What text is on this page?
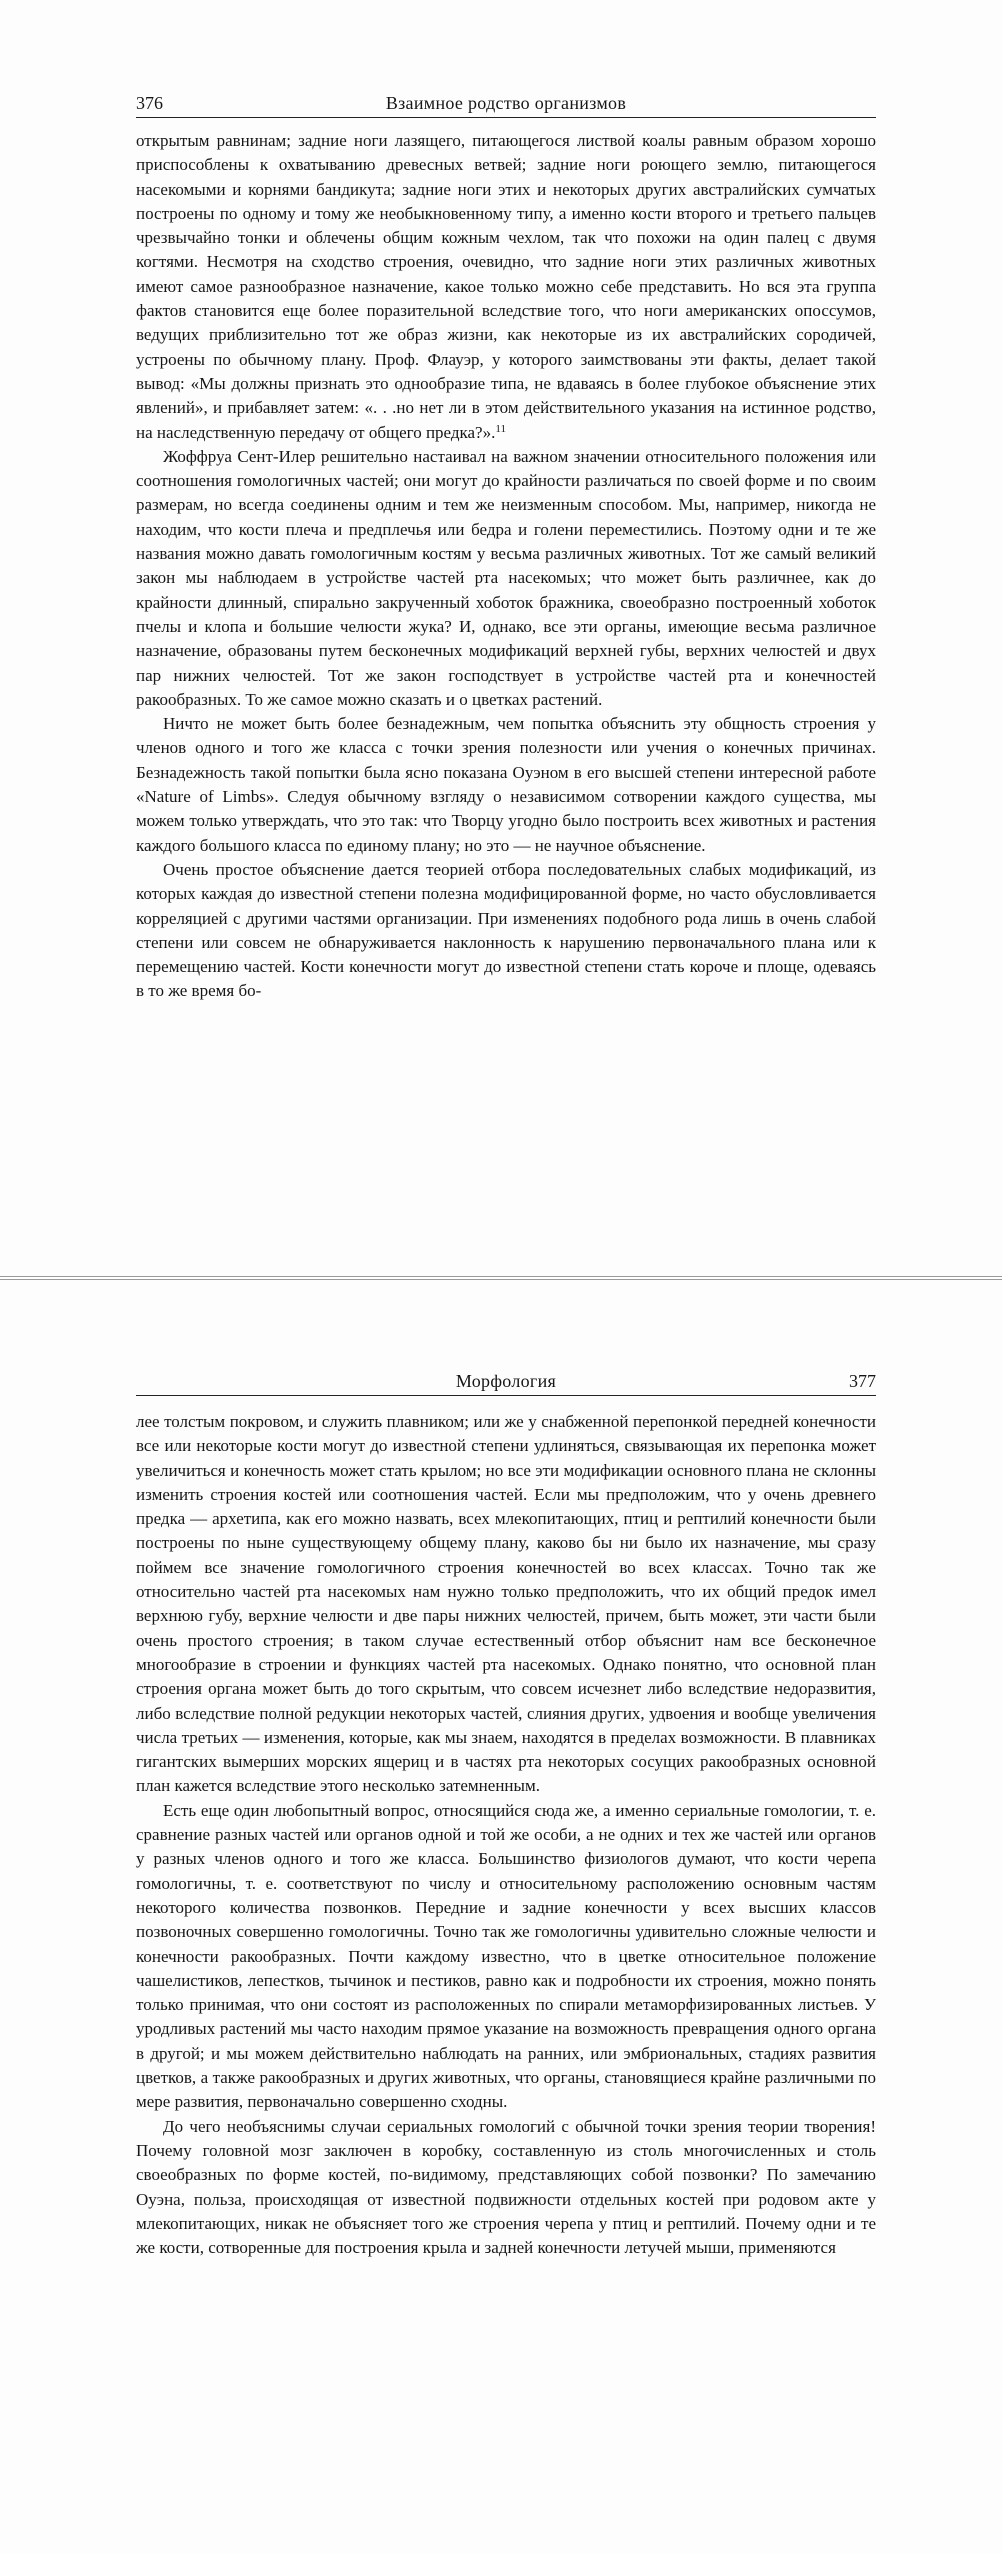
376	Взаимное родство организмов

открытым равнинам; задние ноги лазящего, питающегося листвой коалы равным образом хорошо приспособлены к охватыванию древесных ветвей; задние ноги роющего землю, питающегося насекомыми и корнями бандикута; задние ноги этих и некоторых других австралийских сумчатых построены по одному и тому же необыкновенному типу, а именно кости второго и третьего пальцев чрезвычайно тонки и облечены общим кожным чехлом, так что похожи на один палец с двумя когтями. Несмотря на сходство строения, очевидно, что задние ноги этих различных животных имеют самое разнообразное назначение, какое только можно себе представить. Но вся эта группа фактов становится еще более поразительной вследствие того, что ноги американских опоссумов, ведущих приблизительно тот же образ жизни, как некоторые из их австралийских сородичей, устроены по обычному плану. Проф. Флауэр, у которого заимствованы эти факты, делает такой вывод: «Мы должны признать это однообразие типа, не вдаваясь в более глубокое объяснение этих явлений», и прибавляет затем: «. . .но нет ли в этом действительного указания на истинное родство, на наследственную передачу от общего предка?».$^{11}$

Жоффруа Сент-Илер решительно настаивал на важном значении относительного положения или соотношения гомологичных частей; они могут до крайности различаться по своей форме и по своим размерам, но всегда соединены одним и тем же неизменным способом. Мы, например, никогда не находим, что кости плеча и предплечья или бедра и голени переместились. Поэтому одни и те же названия можно давать гомологичным костям у весьма различных животных. Тот же самый великий закон мы наблюдаем в устройстве частей рта насекомых; что может быть различнее, как до крайности длинный, спирально закрученный хоботок бражника, своеобразно построенный хоботок пчелы и клопа и большие челюсти жука? И, однако, все эти органы, имеющие весьма различное назначение, образованы путем бесконечных модификаций верхней губы, верхних челюстей и двух пар нижних челюстей. Тот же закон господствует в устройстве частей рта и конечностей ракообразных. То же самое можно сказать и о цветках растений.

Ничто не может быть более безнадежным, чем попытка объяснить эту общность строения у членов одного и того же класса с точки зрения полезности или учения о конечных причинах. Безнадежность такой попытки была ясно показана Оуэном в его высшей степени интересной работе «Nature of Limbs». Следуя обычному взгляду о независимом сотворении каждого существа, мы можем только утверждать, что это так: что Творцу угодно было построить всех животных и растения каждого большого класса по единому плану; но это — не научное объяснение.

Очень простое объяснение дается теорией отбора последовательных слабых модификаций, из которых каждая до известной степени полезна модифицированной форме, но часто обусловливается корреляцией с другими частями организации. При изменениях подобного рода лишь в очень слабой степени или совсем не обнаруживается наклонность к нарушению первоначального плана или к перемещению частей. Кости конечности могут до известной степени стать короче и площе, одеваясь в то же время бо-

Морфология	377

лее толстым покровом, и служить плавником; или же у снабженной перепонкой передней конечности все или некоторые кости могут до известной степени удлиняться, связывающая их перепонка может увеличиться и конечность может стать крылом; но все эти модификации основного плана не склонны изменить строения костей или соотношения частей. Если мы предположим, что у очень древнего предка — архетипа, как его можно назвать, всех млекопитающих, птиц и рептилий конечности были построены по ныне существующему общему плану, каково бы ни было их назначение, мы сразу поймем все значение гомологичного строения конечностей во всех классах. Точно так же относительно частей рта насекомых нам нужно только предположить, что их общий предок имел верхнюю губу, верхние челюсти и две пары нижних челюстей, причем, быть может, эти части были очень простого строения; в таком случае естественный отбор объяснит нам все бесконечное многообразие в строении и функциях частей рта насекомых. Однако понятно, что основной план строения органа может быть до того скрытым, что совсем исчезнет либо вследствие недоразвития, либо вследствие полной редукции некоторых частей, слияния других, удвоения и вообще увеличения числа третьих — изменения, которые, как мы знаем, находятся в пределах возможности. В плавниках гигантских вымерших морских ящериц и в частях рта некоторых сосущих ракообразных основной план кажется вследствие этого несколько затемненным.

Есть еще один любопытный вопрос, относящийся сюда же, а именно сериальные гомологии, т. е. сравнение разных частей или органов одной и той же особи, а не одних и тех же частей или органов у разных членов одного и того же класса. Большинство физиологов думают, что кости черепа гомологичны, т. е. соответствуют по числу и относительному расположению основным частям некоторого количества позвонков. Передние и задние конечности у всех высших классов позвоночных совершенно гомологичны. Точно так же гомологичны удивительно сложные челюсти и конечности ракообразных. Почти каждому известно, что в цветке относительное положение чашелистиков, лепестков, тычинок и пестиков, равно как и подробности их строения, можно понять только принимая, что они состоят из расположенных по спирали метаморфизированных листьев. У уродливых растений мы часто находим прямое указание на возможность превращения одного органа в другой; и мы можем действительно наблюдать на ранних, или эмбриональных, стадиях развития цветков, а также ракообразных и других животных, что органы, становящиеся крайне различными по мере развития, первоначально совершенно сходны.

До чего необъяснимы случаи сериальных гомологий с обычной точки зрения теории творения! Почему головной мозг заключен в коробку, составленную из столь многочисленных и столь своеобразных по форме костей, по-видимому, представляющих собой позвонки? По замечанию Оуэна, польза, происходящая от известной подвижности отдельных костей при родовом акте у млекопитающих, никак не объясняет того же строения черепа у птиц и рептилий. Почему одни и те же кости, сотворенные для построения крыла и задней конечности летучей мыши, применяются
